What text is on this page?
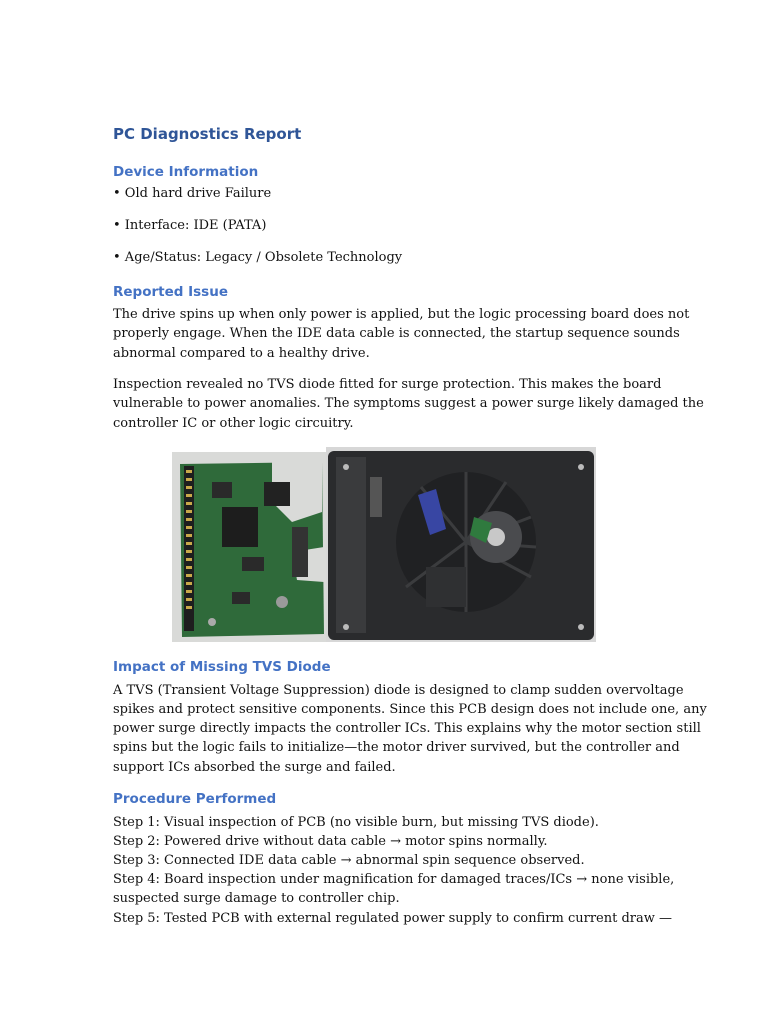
PC Diagnostics Report
Device Information

• Old hard drive Failure

• Interface: IDE (PATA)

• Age/Status: Legacy / Obsolete Technology

Reported Issue

The drive spins up when only power is applied, but the logic processing board does not

properly engage. When the IDE data cable is connected, the startup sequence sounds

abnormal compared to a healthy drive.

Inspection revealed no TVS diode fitted for surge protection. This makes the board

vulnerable to power anomalies. The symptoms suggest a power surge likely damaged the

controller IC or other logic circuitry.

Impact of Missing TVS Diode

A TVS (Transient Voltage Suppression) diode is designed to clamp sudden overvoltage

spikes and protect sensitive components. Since this PCB design does not include one, any

power surge directly impacts the controller ICs. This explains why the motor section still

spins but the logic fails to initialize—the motor driver survived, but the controller and

support ICs absorbed the surge and failed.

Procedure Performed

Step 1: Visual inspection of PCB (no visible burn, but missing TVS diode).

Step 2: Powered drive without data cable → motor spins normally.

Step 3: Connected IDE data cable → abnormal spin sequence observed.

Step 4: Board inspection under magnification for damaged traces/ICs → none visible,

suspected surge damage to controller chip.

Step 5: Tested PCB with external regulated power supply to confirm current draw —
